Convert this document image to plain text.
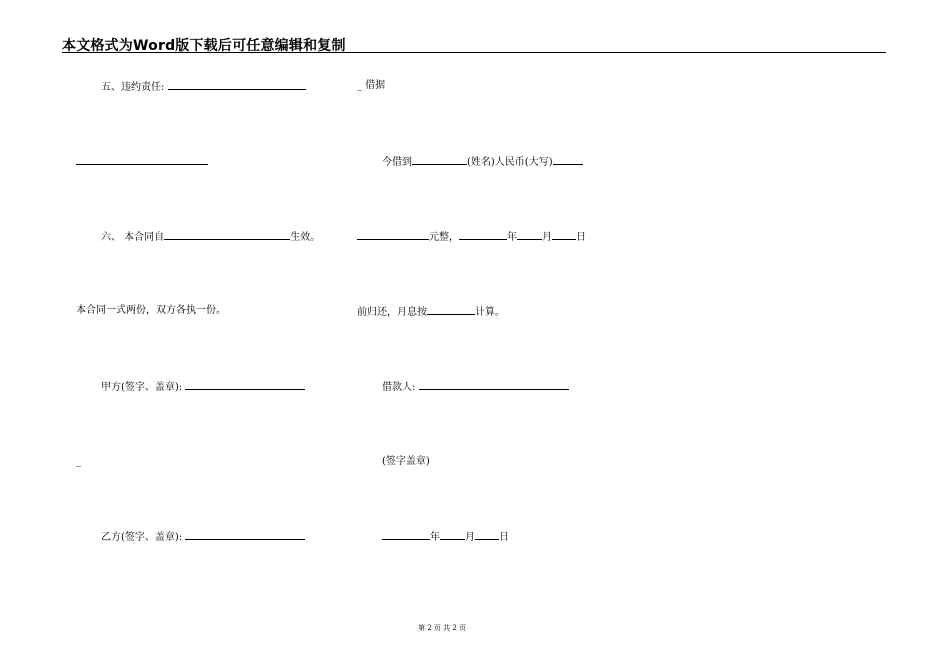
本文格式为Word版下载后可任意编辑和复制
五、违约责任:
六、 本合同自	生效。
本合同一式两份，双方各执一份。
甲方(签字、盖章):
_
乙方(签字、盖章):
_ 借据
今借到	(姓名)人民币(大写)
元整，	年	月 日
前归还，月息按	计算。
借款人:
(签字盖章)
年	月 日
第 2 页 共 2 页
